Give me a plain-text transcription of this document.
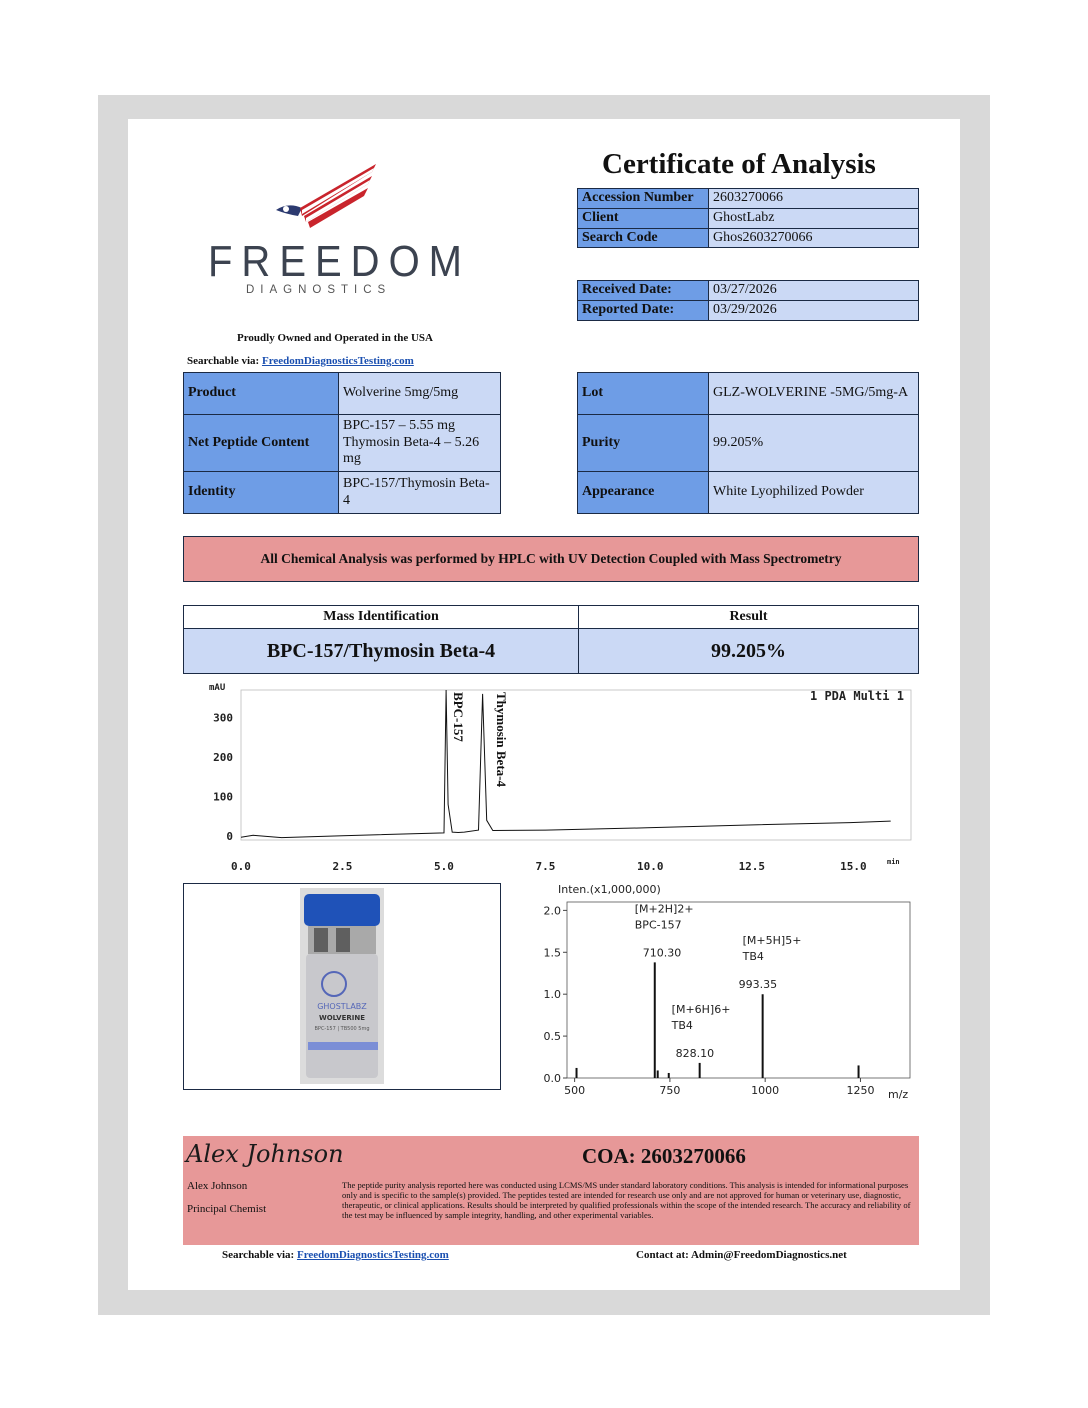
FREEDOM
DIAGNOSTICS
Proudly Owned and Operated in the USA
Searchable via: FreedomDiagnosticsTesting.com
Certificate of Analysis
Accession Number	2603270066
Client	GhostLabz
Search Code	Ghos2603270066
Received Date:	03/27/2026
Reported Date:	03/29/2026
Product	Wolverine 5mg/5mg
Net Peptide Content	BPC-157 – 5.55 mg Thymosin Beta-4 – 5.26 mg
Identity	BPC-157/Thymosin Beta-4
Lot	GLZ-WOLVERINE -5MG/5mg-A
Purity	99.205%
Appearance	White Lyophilized Powder
All Chemical Analysis was performed by HPLC with UV Detection Coupled with Mass Spectrometry
Mass Identification	Result
BPC-157/Thymosin Beta-4	99.205%
mAU
1 PDA Multi 1
min
0.0	2.5	5.0	7.5	10.0	12.5	15.0
300
200
100
0
BPC-157 Thymosin Beta-4
GHOSTLABZ
WOLVERINE
BPC-157 | TB500 5mg
Inten.(x1,000,000)
m/z
500	750	1000	1250
2.0
1.5
1.0
0.5
0.0
[M+2H]2+
BPC-157
710.30
[M+6H]6+
TB4
828.10
[M+5H]5+
TB4
993.35
Alex Johnson
Alex Johnson
Principal Chemist
COA: 2603270066
The peptide purity analysis reported here was conducted using LCMS/MS under standard laboratory conditions. This analysis is intended for informational purposes only and is specific to the sample(s) provided. The peptides tested are intended for research use only and are not approved for human or veterinary use, diagnostic, therapeutic, or clinical applications. Results should be interpreted by qualified professionals within the scope of the intended research. The accuracy and reliability of the test may be influenced by sample integrity, handling, and other experimental variables.
Searchable via: FreedomDiagnosticsTesting.com	Contact at: Admin@FreedomDiagnostics.net
